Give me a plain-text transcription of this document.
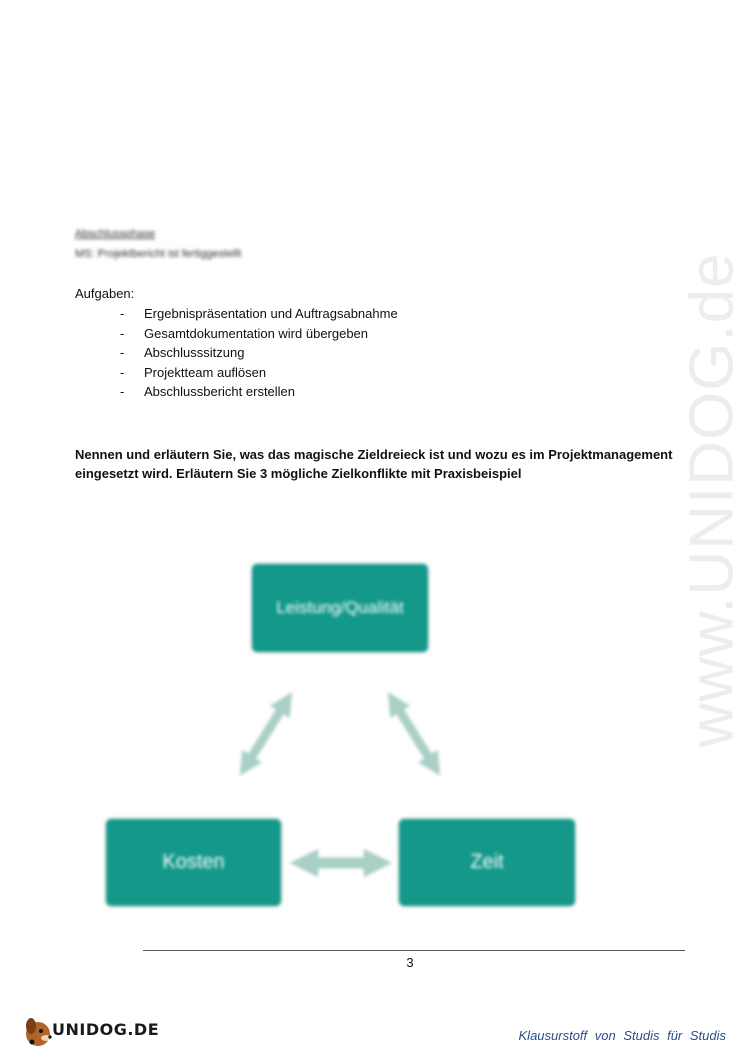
www.UNIDOG.de
Abschlussphase
MS: Projektbericht ist fertiggestellt
Aufgaben:
- Ergebnispräsentation und Auftragsabnahme
- Gesamtdokumentation wird übergeben
- Abschlusssitzung
- Projektteam auflösen
- Abschlussbericht erstellen
Nennen und erläutern Sie, was das magische Zieldreieck ist und wozu es im Projektmanagement eingesetzt wird. Erläutern Sie 3 mögliche Zielkonflikte mit Praxisbeispiel
Leistung/Qualität
Kosten	Zeit
3
UNIDOG.DE	Klausurstoff von Studis für Studis
